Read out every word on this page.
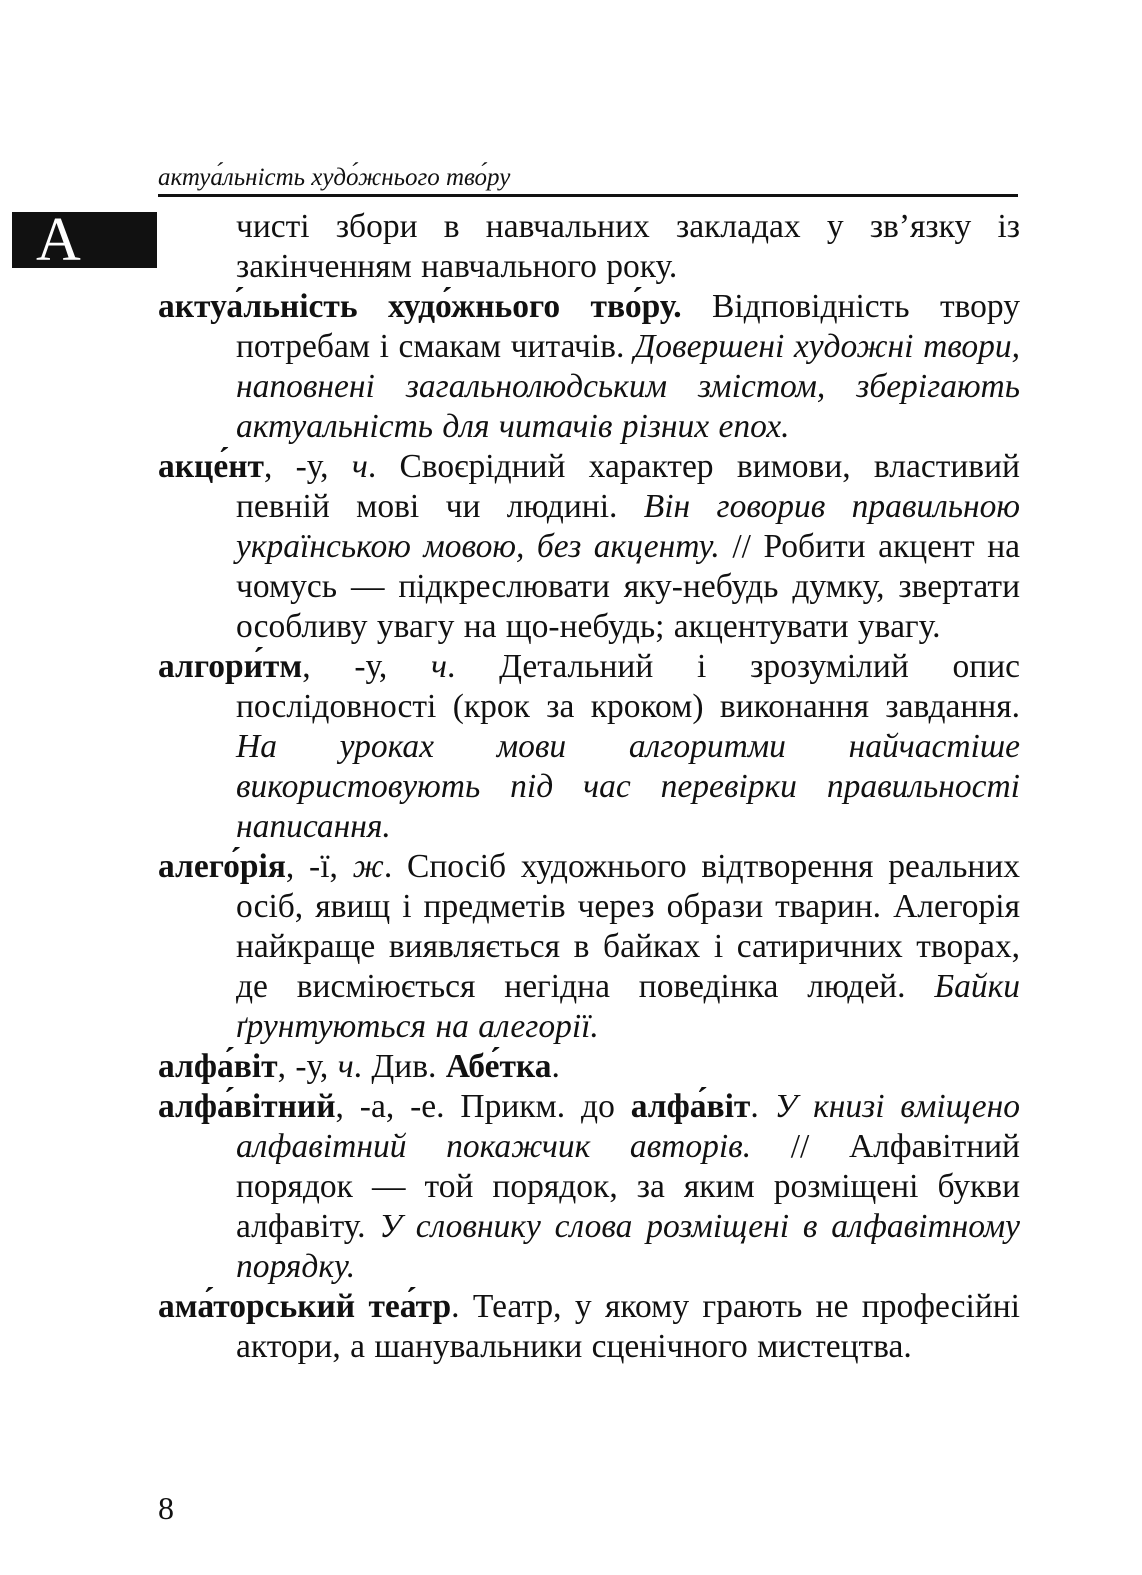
актуа́льність худо́жнього тво́ру
А	чисті збори в навчальних закладах у зв’язку із закінченням навчального року.

актуа́льність худо́жнього тво́ру. Відповідність твору потребам і смакам читачів. Довершені художні твори, наповнені загальнолюдським змістом, зберігають актуальність для читачів різних епох.

акце́нт, -у, ч. Своєрідний характер вимови, властивий певній мові чи людині. Він говорив правильною українською мовою, без акценту. // Робити акцент на чомусь — підкреслювати яку-небудь думку, звертати особливу увагу на що-небудь; акцентувати увагу.

алгори́тм, -у, ч. Детальний і зрозумілий опис послідовності (крок за кроком) виконання завдання. На уроках мови алгоритми найчастіше використовують під час перевірки правильності написання.

алего́рія, -ї, ж. Спосіб художнього відтворення реальних осіб, явищ і предметів через образи тварин. Алегорія найкраще виявляється в байках і сатиричних творах, де висміюється негідна поведінка людей. Байки ґрунтуються на алегорії.

алфа́віт, -у, ч. Див. Абе́тка.

алфа́вітний, -а, -е. Прикм. до алфа́віт. У книзі вміщено алфавітний покажчик авторів. // Алфавітний порядок — той порядок, за яким розміщені букви алфавіту. У словнику слова розміщені в алфавітному порядку.

ама́торський теа́тр. Театр, у якому грають не професійні актори, а шанувальники сценічного мистецтва.

8
